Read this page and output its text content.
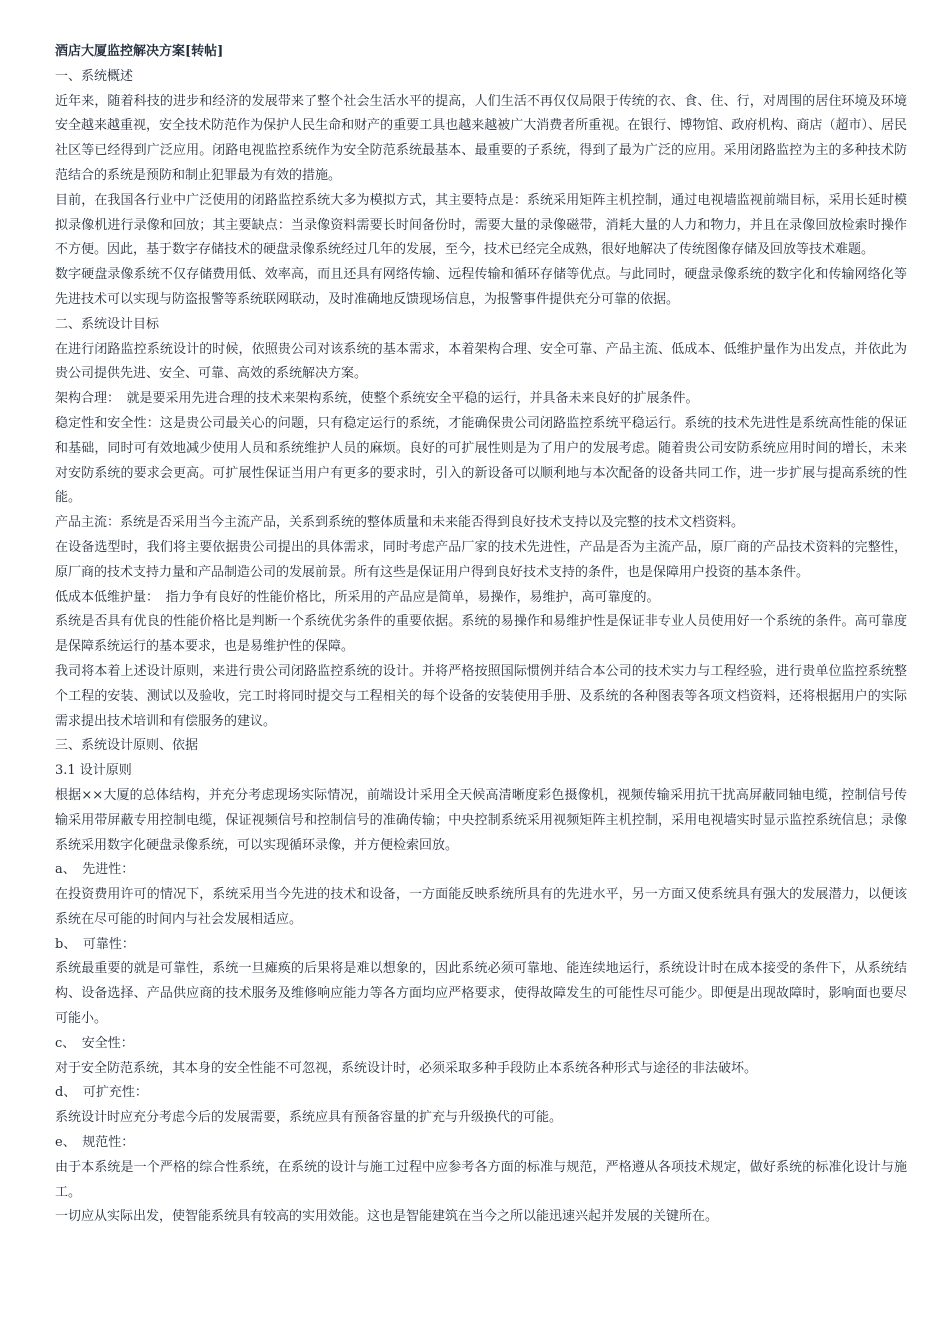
酒店大厦监控解决方案[转帖]

一、系统概述

近年来，随着科技的进步和经济的发展带来了整个社会生活水平的提高，人们生活不再仅仅局限于传统的衣、食、住、行，对周围的居住环境及环境安全越来越重视，安全技术防范作为保护人民生命和财产的重要工具也越来越被广大消费者所重视。在银行、博物馆、政府机构、商店（超市）、居民社区等已经得到广泛应用。闭路电视监控系统作为安全防范系统最基本、最重要的子系统，得到了最为广泛的应用。采用闭路监控为主的多种技术防范结合的系统是预防和制止犯罪最为有效的措施。

目前，在我国各行业中广泛使用的闭路监控系统大多为模拟方式，其主要特点是：系统采用矩阵主机控制，通过电视墙监视前端目标，采用长延时模拟录像机进行录像和回放；其主要缺点：当录像资料需要长时间备份时，需要大量的录像磁带，消耗大量的人力和物力，并且在录像回放检索时操作不方便。因此，基于数字存储技术的硬盘录像系统经过几年的发展，至今，技术已经完全成熟，很好地解决了传统图像存储及回放等技术难题。

数字硬盘录像系统不仅存储费用低、效率高，而且还具有网络传输、远程传输和循环存储等优点。与此同时，硬盘录像系统的数字化和传输网络化等先进技术可以实现与防盗报警等系统联网联动，及时准确地反馈现场信息，为报警事件提供充分可靠的依据。

二、系统设计目标

在进行闭路监控系统设计的时候，依照贵公司对该系统的基本需求，本着架构合理、安全可靠、产品主流、低成本、低维护量作为出发点，并依此为贵公司提供先进、安全、可靠、高效的系统解决方案。

架构合理：　就是要采用先进合理的技术来架构系统，使整个系统安全平稳的运行，并具备未来良好的扩展条件。

稳定性和安全性：这是贵公司最关心的问题，只有稳定运行的系统，才能确保贵公司闭路监控系统平稳运行。系统的技术先进性是系统高性能的保证和基础，同时可有效地减少使用人员和系统维护人员的麻烦。良好的可扩展性则是为了用户的发展考虑。随着贵公司安防系统应用时间的增长，未来对安防系统的要求会更高。可扩展性保证当用户有更多的要求时，引入的新设备可以顺利地与本次配备的设备共同工作，进一步扩展与提高系统的性能。

产品主流：系统是否采用当今主流产品，关系到系统的整体质量和未来能否得到良好技术支持以及完整的技术文档资料。

在设备选型时，我们将主要依据贵公司提出的具体需求，同时考虑产品厂家的技术先进性，产品是否为主流产品，原厂商的产品技术资料的完整性，原厂商的技术支持力量和产品制造公司的发展前景。所有这些是保证用户得到良好技术支持的条件，也是保障用户投资的基本条件。

低成本低维护量：　指力争有良好的性能价格比，所采用的产品应是简单，易操作，易维护，高可靠度的。

系统是否具有优良的性能价格比是判断一个系统优劣条件的重要依据。系统的易操作和易维护性是保证非专业人员使用好一个系统的条件。高可靠度是保障系统运行的基本要求，也是易维护性的保障。

我司将本着上述设计原则，来进行贵公司闭路监控系统的设计。并将严格按照国际惯例并结合本公司的技术实力与工程经验，进行贵单位监控系统整个工程的安装、测试以及验收，完工时将同时提交与工程相关的每个设备的安装使用手册、及系统的各种图表等各项文档资料，还将根据用户的实际需求提出技术培训和有偿服务的建议。

三、系统设计原则、依据

3.1 设计原则

根据××大厦的总体结构，并充分考虑现场实际情况，前端设计采用全天候高清晰度彩色摄像机，视频传输采用抗干扰高屏蔽同轴电缆，控制信号传输采用带屏蔽专用控制电缆，保证视频信号和控制信号的准确传输；中央控制系统采用视频矩阵主机控制，采用电视墙实时显示监控系统信息；录像系统采用数字化硬盘录像系统，可以实现循环录像，并方便检索回放。

a、　先进性：

在投资费用许可的情况下，系统采用当今先进的技术和设备，一方面能反映系统所具有的先进水平，另一方面又使系统具有强大的发展潜力，以便该系统在尽可能的时间内与社会发展相适应。

b、　可靠性：

系统最重要的就是可靠性，系统一旦瘫痪的后果将是难以想象的，因此系统必须可靠地、能连续地运行，系统设计时在成本接受的条件下，从系统结构、设备选择、产品供应商的技术服务及维修响应能力等各方面均应严格要求，使得故障发生的可能性尽可能少。即便是出现故障时，影响面也要尽可能小。

c、　安全性：

对于安全防范系统，其本身的安全性能不可忽视，系统设计时，必须采取多种手段防止本系统各种形式与途径的非法破坏。

d、　可扩充性：

系统设计时应充分考虑今后的发展需要，系统应具有预备容量的扩充与升级换代的可能。

e、　规范性：

由于本系统是一个严格的综合性系统，在系统的设计与施工过程中应参考各方面的标准与规范，严格遵从各项技术规定，做好系统的标准化设计与施工。

一切应从实际出发，使智能系统具有较高的实用效能。这也是智能建筑在当今之所以能迅速兴起并发展的关键所在。
